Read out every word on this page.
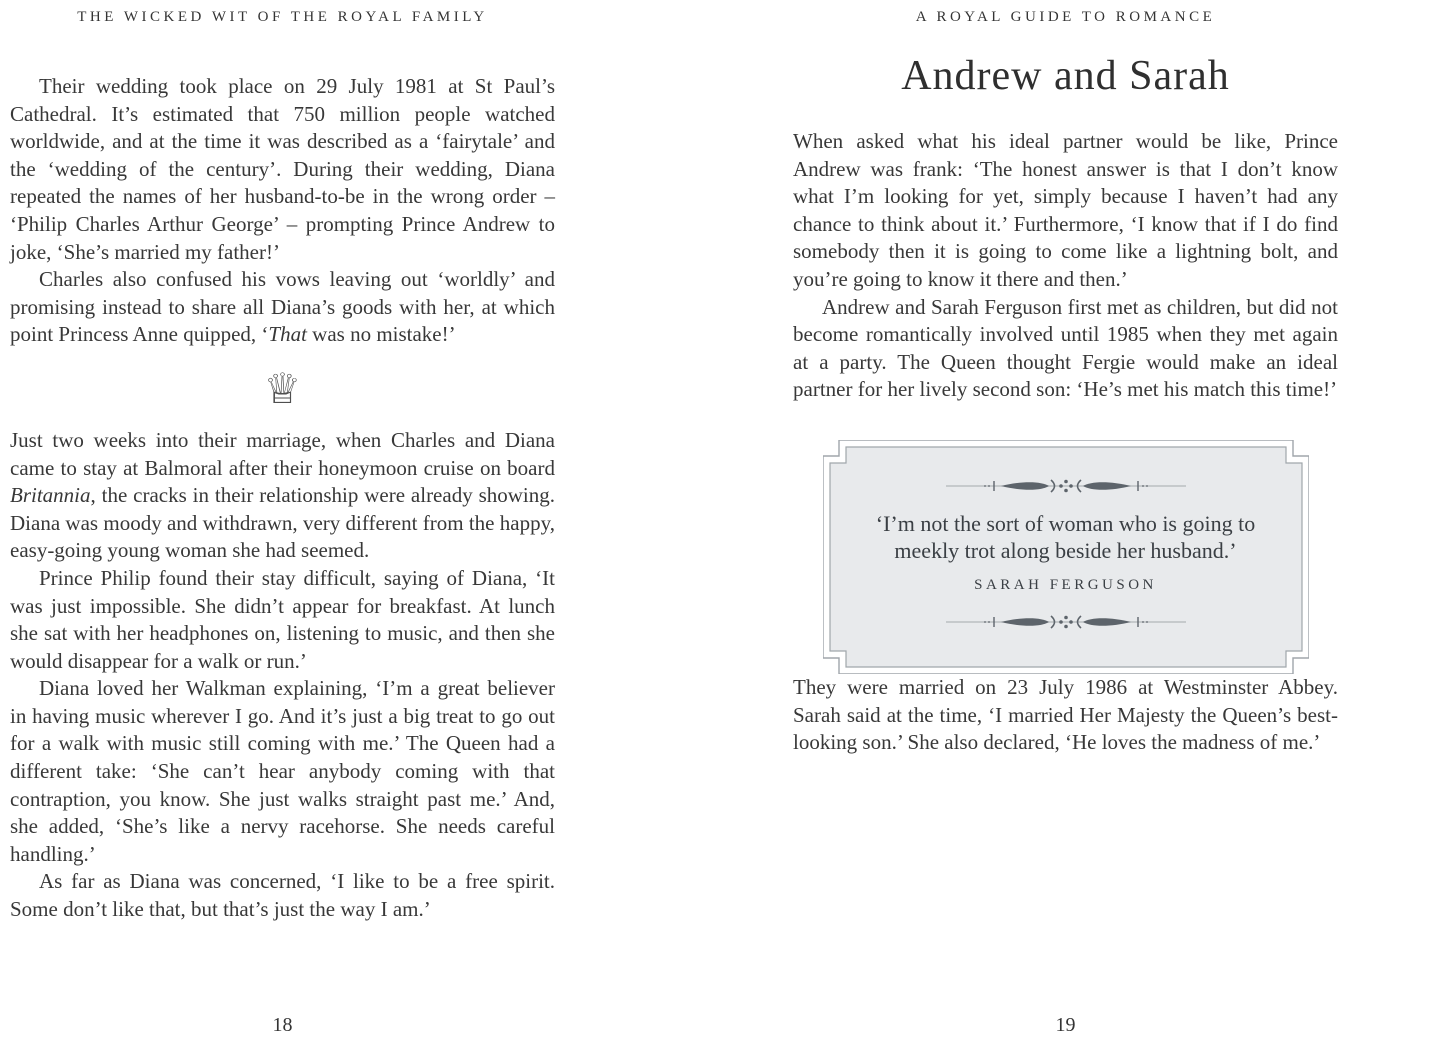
THE WICKED WIT OF THE ROYAL FAMILY

Their wedding took place on 29 July 1981 at St Paul’s Cathedral. It’s estimated that 750 million people watched worldwide, and at the time it was described as a ‘fairytale’ and the ‘wedding of the century’. During their wedding, Diana repeated the names of her husband-to-be in the wrong order – ‘Philip Charles Arthur George’ – prompting Prince Andrew to joke, ‘She’s married my father!’

Charles also confused his vows leaving out ‘worldly’ and promising instead to share all Diana’s goods with her, at which point Princess Anne quipped, ‘That was no mistake!’

♕

Just two weeks into their marriage, when Charles and Diana came to stay at Balmoral after their honeymoon cruise on board Britannia, the cracks in their relationship were already showing. Diana was moody and withdrawn, very different from the happy, easy-going young woman she had seemed.

Prince Philip found their stay difficult, saying of Diana, ‘It was just impossible. She didn’t appear for breakfast. At lunch she sat with her headphones on, listening to music, and then she would disappear for a walk or run.’

Diana loved her Walkman explaining, ‘I’m a great believer in having music wherever I go. And it’s just a big treat to go out for a walk with music still coming with me.’ The Queen had a different take: ‘She can’t hear anybody coming with that contraption, you know. She just walks straight past me.’ And, she added, ‘She’s like a nervy racehorse. She needs careful handling.’

As far as Diana was concerned, ‘I like to be a free spirit. Some don’t like that, but that’s just the way I am.’

18
A ROYAL GUIDE TO ROMANCE
Andrew and Sarah

When asked what his ideal partner would be like, Prince Andrew was frank: ‘The honest answer is that I don’t know what I’m looking for yet, simply because I haven’t had any chance to think about it.’ Furthermore, ‘I know that if I do find somebody then it is going to come like a lightning bolt, and you’re going to know it there and then.’

Andrew and Sarah Ferguson first met as children, but did not become romantically involved until 1985 when they met again at a party. The Queen thought Fergie would make an ideal partner for her lively second son: ‘He’s met his match this time!’

‘I’m not the sort of woman who is going to meekly trot along beside her husband.’
SARAH FERGUSON

They were married on 23 July 1986 at Westminster Abbey. Sarah said at the time, ‘I married Her Majesty the Queen’s best-looking son.’ She also declared, ‘He loves the madness of me.’

19
